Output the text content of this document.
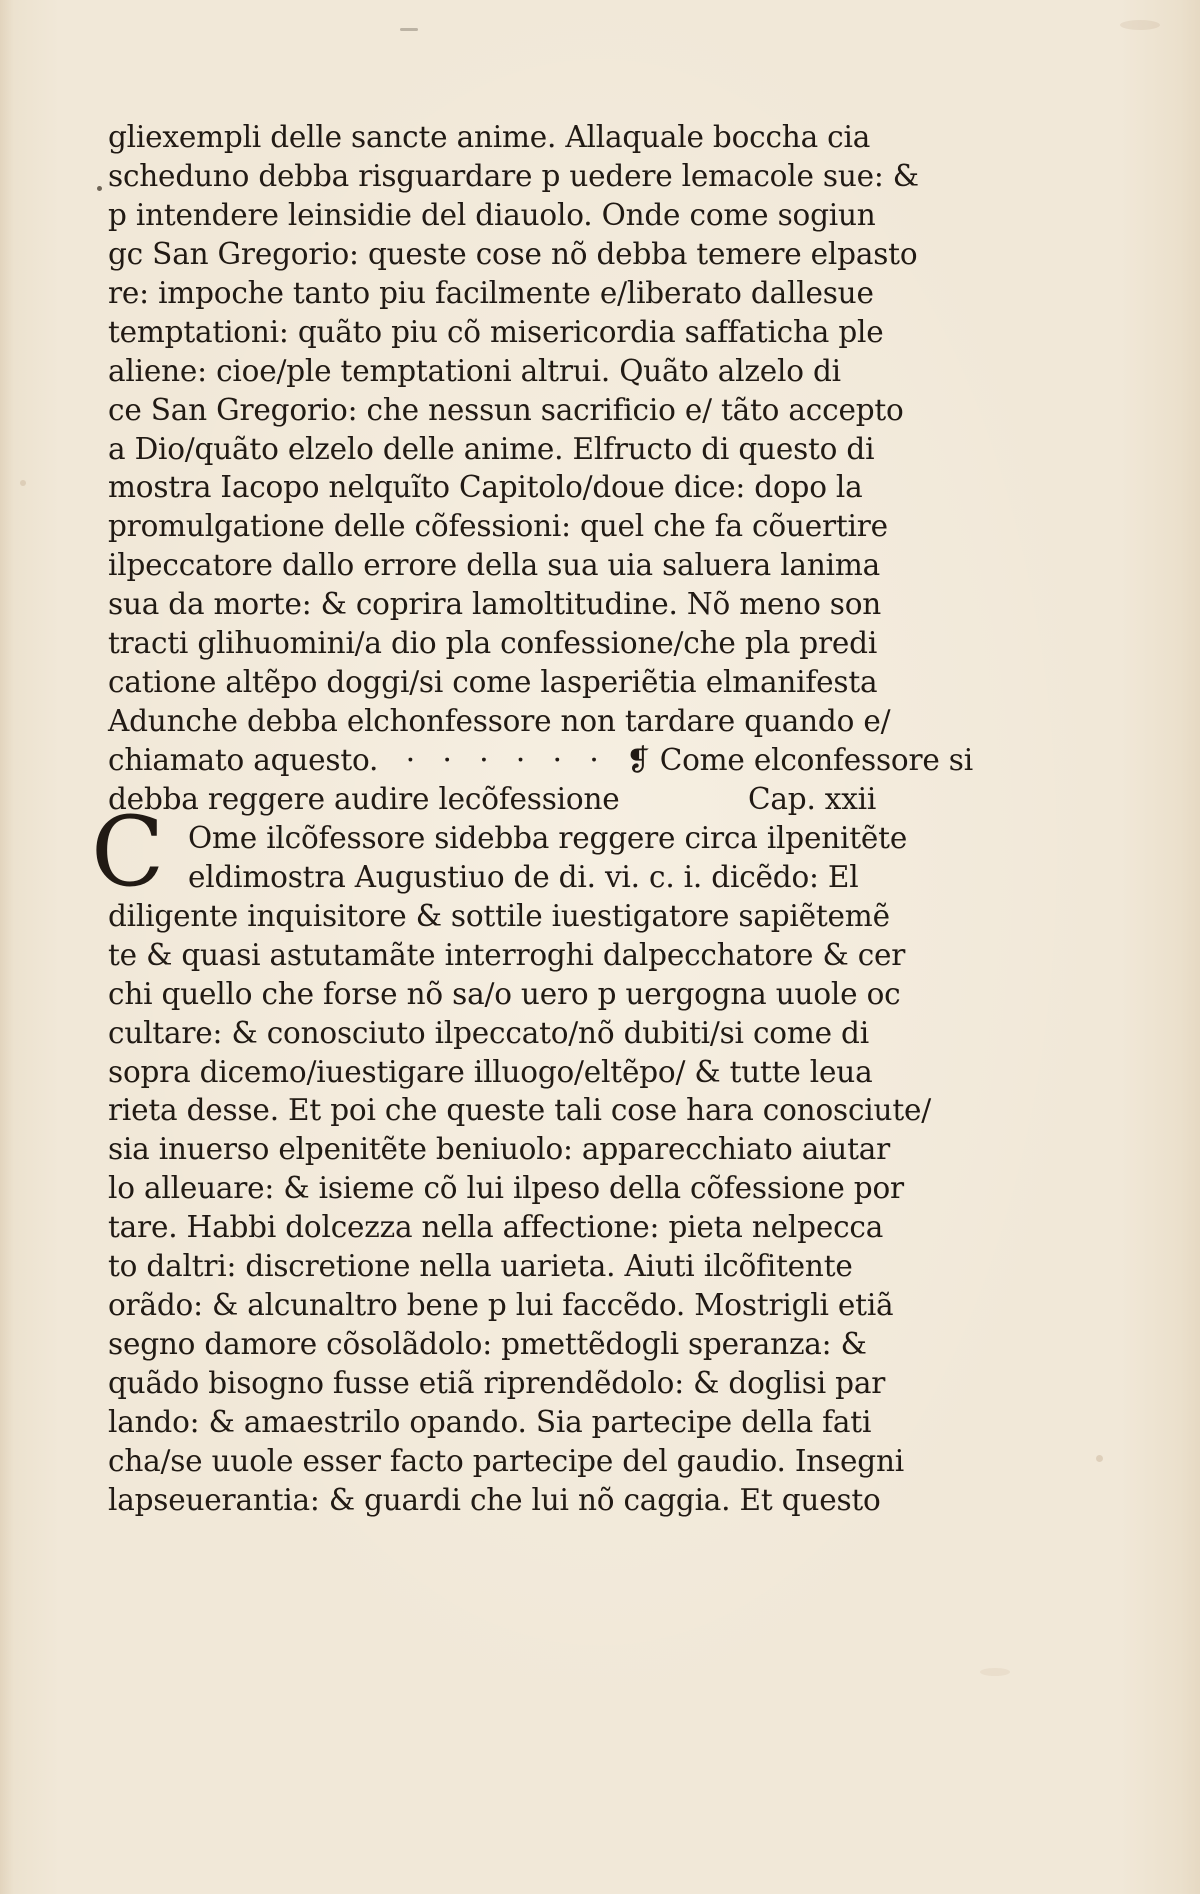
gliexempli delle sancte anime. Allaquale boccha cia
scheduno debba risguardare p uedere lemacole sue: &
p intendere leinsidie del diauolo. Onde come sogiun
gc San Gregorio: queste cose nõ debba temere elpasto
re: impoche tanto piu facilmente e/liberato dallesue
temptationi: quãto piu cõ misericordia saffaticha ple
aliene: cioe/ple temptationi altrui. Quãto alzelo di
ce San Gregorio: che nessun sacrificio e/ tãto accepto
a Dio/quãto elzelo delle anime. Elfructo di questo di
mostra Iacopo nelquĩto Capitolo/doue dice: dopo la
promulgatione delle cõfessioni: quel che fa cõuertire
ilpeccatore dallo errore della sua uia saluera lanima
sua da morte: & coprira lamoltitudine. Nõ meno son
tracti glihuomini/a dio pla confessione/che pla predi
catione altẽpo doggi/si come lasperiẽtia elmanifesta
Adunche debba elchonfessore non tardare quando e/
chiamato aquesto.   ·   ·   ·   ·   ·   ·   ❡ Come elconfessore si
debba reggere audire lecõfessione              Cap. xxii
C Ome ilcõfessore sidebba reggere circa ilpenitẽte
eldimostra Augustiuo de di. vi. c. i. dicẽdo: El
diligente inquisitore & sottile iuestigatore sapiẽtemẽ
te & quasi astutamãte interroghi dalpecchatore & cer
chi quello che forse nõ sa/o uero p uergogna uuole oc
cultare: & conosciuto ilpeccato/nõ dubiti/si come di
sopra dicemo/iuestigare illuogo/eltẽpo/ & tutte leua
rieta desse. Et poi che queste tali cose hara conosciute/
sia inuerso elpenitẽte beniuolo: apparecchiato aiutar
lo alleuare: & isieme cõ lui ilpeso della cõfessione por
tare. Habbi dolcezza nella affectione: pieta nelpecca
to daltri: discretione nella uarieta. Aiuti ilcõfitente
orãdo: & alcunaltro bene p lui faccẽdo. Mostrigli etiã
segno damore cõsolãdolo: pmettẽdogli speranza: &
quãdo bisogno fusse etiã riprendẽdolo: & doglisi par
lando: & amaestrilo opando. Sia partecipe della fati
cha/se uuole esser facto partecipe del gaudio. Insegni
lapseuerantia: & guardi che lui nõ caggia. Et questo
